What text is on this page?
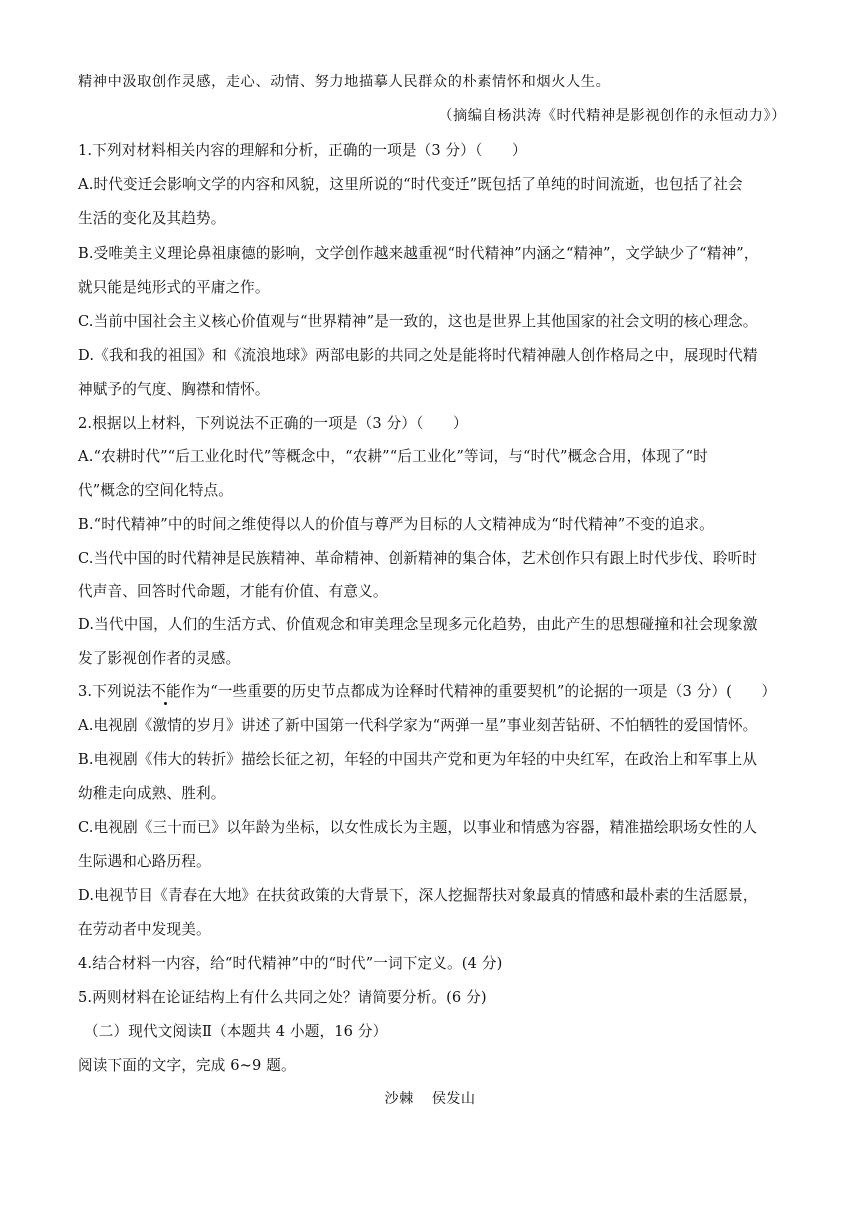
精神中汲取创作灵感，走心、动情、努力地描摹人民群众的朴素情怀和烟火人生。
（摘编自杨洪涛《时代精神是影视创作的永恒动力》）
1.下列对材料相关内容的理解和分析，正确的一项是（3 分）（　　）
A.时代变迁会影响文学的内容和风貌，这里所说的“时代变迁”既包括了单纯的时间流逝，也包括了社会
生活的变化及其趋势。
B.受唯美主义理论鼻祖康德的影响，文学创作越来越重视“时代精神”内涵之“精神”，文学缺少了“精神”，
就只能是纯形式的平庸之作。
C.当前中国社会主义核心价值观与“世界精神”是一致的，这也是世界上其他国家的社会文明的核心理念。
D.《我和我的祖国》和《流浪地球》两部电影的共同之处是能将时代精神融人创作格局之中，展现时代精
神赋予的气度、胸襟和情怀。
2.根据以上材料，下列说法不正确的一项是（3 分）（　　）
A.“农耕时代”“后工业化时代”等概念中，“农耕”“后工业化”等词，与“时代”概念合用，体现了“时
代”概念的空间化特点。
B.“时代精神”中的时间之维使得以人的价值与尊严为目标的人文精神成为“时代精神”不变的追求。
C.当代中国的时代精神是民族精神、革命精神、创新精神的集合体，艺术创作只有跟上时代步伐、聆听时
代声音、回答时代命题，才能有价值、有意义。
D.当代中国，人们的生活方式、价值观念和审美理念呈现多元化趋势，由此产生的思想碰撞和社会现象激
发了影视创作者的灵感。
3.下列说法不能作为“一些重要的历史节点都成为诠释时代精神的重要契机”的论据的一项是（3 分）(　　）
A.电视剧《激情的岁月》讲述了新中国第一代科学家为“两弹一星”事业刻苦钻研、不怕牺牲的爱国情怀。
B.电视剧《伟大的转折》描绘长征之初，年轻的中国共产党和更为年轻的中央红军，在政治上和军事上从
幼稚走向成熟、胜利。
C.电视剧《三十而已》以年龄为坐标，以女性成长为主题，以事业和情感为容器，精准描绘职场女性的人
生际遇和心路历程。
D.电视节目《青春在大地》在扶贫政策的大背景下，深人挖掘帮扶对象最真的情感和最朴素的生活愿景，
在劳动者中发现美。
4.结合材料一内容，给“时代精神”中的“时代”一词下定义。(4 分)
5.两则材料在论证结构上有什么共同之处？请简要分析。(6 分)
（二）现代文阅读Ⅱ（本题共 4 小题，16 分）
阅读下面的文字，完成 6~9 题。
沙棘 侯发山
